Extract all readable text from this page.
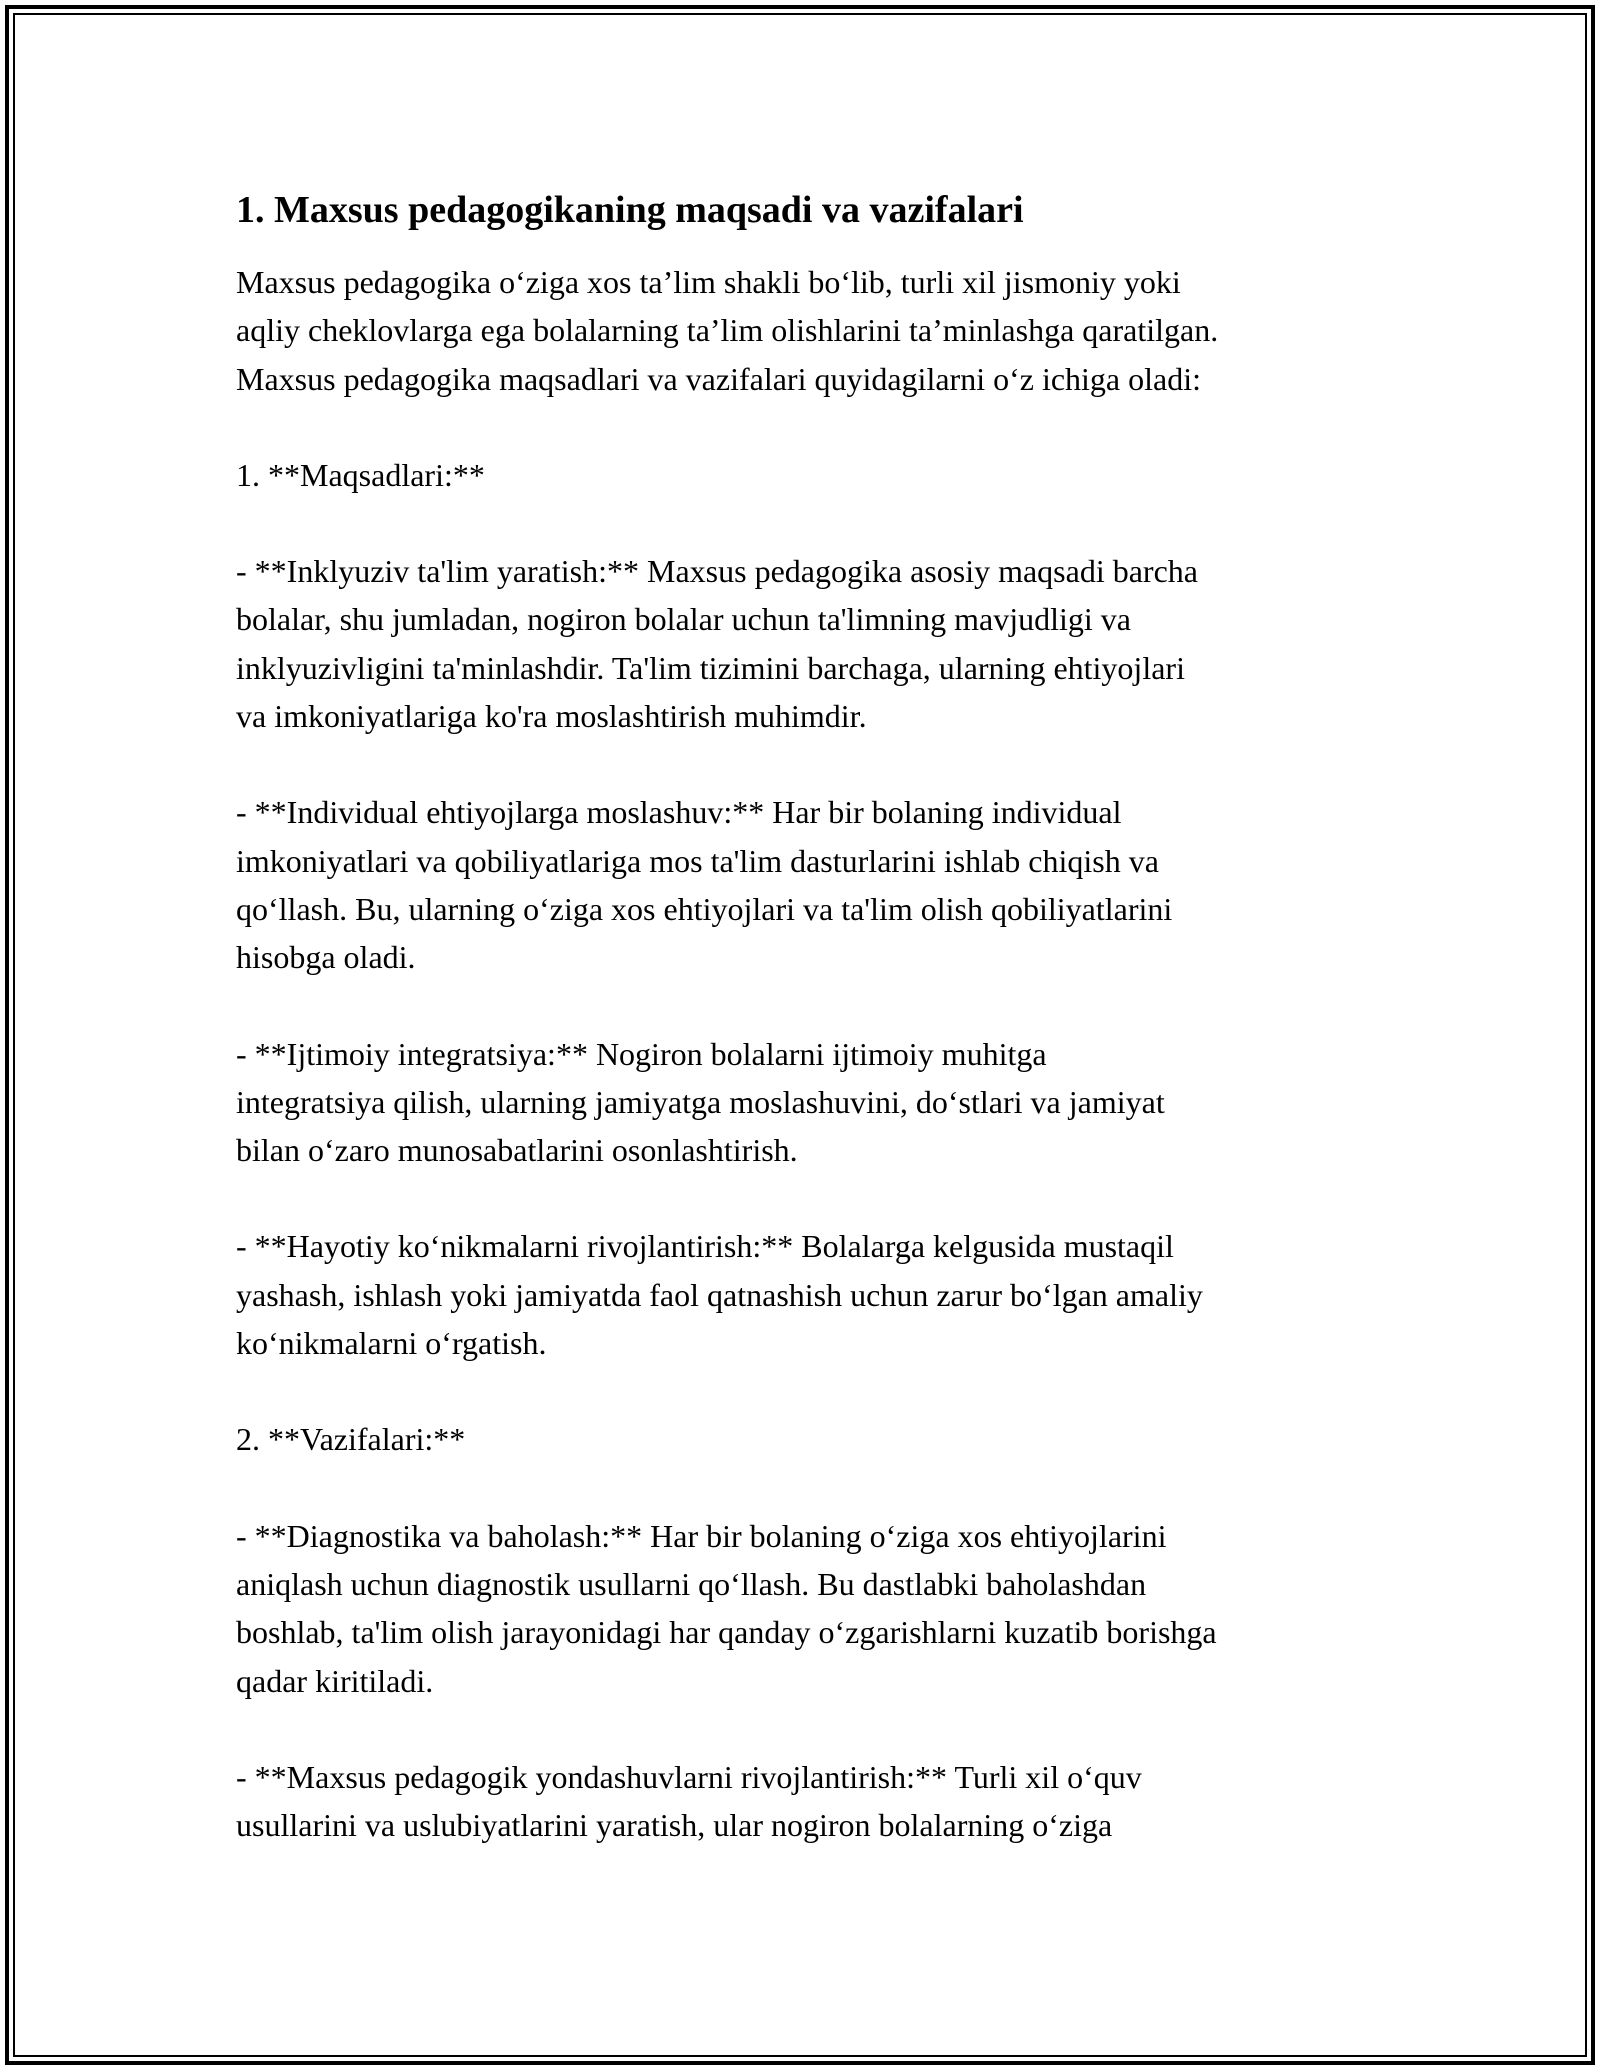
1. Maxsus pedagogikaning maqsadi va vazifalari

Maxsus pedagogika o‘ziga xos ta’lim shakli bo‘lib, turli xil jismoniy yoki
aqliy cheklovlarga ega bolalarning ta’lim olishlarini ta’minlashga qaratilgan.
Maxsus pedagogika maqsadlari va vazifalari quyidagilarni o‘z ichiga oladi:

1. **Maqsadlari:**

- **Inklyuziv ta'lim yaratish:** Maxsus pedagogika asosiy maqsadi barcha
bolalar, shu jumladan, nogiron bolalar uchun ta'limning mavjudligi va
inklyuzivligini ta'minlashdir. Ta'lim tizimini barchaga, ularning ehtiyojlari
va imkoniyatlariga ko'ra moslashtirish muhimdir.

- **Individual ehtiyojlarga moslashuv:** Har bir bolaning individual
imkoniyatlari va qobiliyatlariga mos ta'lim dasturlarini ishlab chiqish va
qo‘llash. Bu, ularning o‘ziga xos ehtiyojlari va ta'lim olish qobiliyatlarini
hisobga oladi.

- **Ijtimoiy integratsiya:** Nogiron bolalarni ijtimoiy muhitga
integratsiya qilish, ularning jamiyatga moslashuvini, do‘stlari va jamiyat
bilan o‘zaro munosabatlarini osonlashtirish.

- **Hayotiy ko‘nikmalarni rivojlantirish:** Bolalarga kelgusida mustaqil
yashash, ishlash yoki jamiyatda faol qatnashish uchun zarur bo‘lgan amaliy
ko‘nikmalarni o‘rgatish.

2. **Vazifalari:**

- **Diagnostika va baholash:** Har bir bolaning o‘ziga xos ehtiyojlarini
aniqlash uchun diagnostik usullarni qo‘llash. Bu dastlabki baholashdan
boshlab, ta'lim olish jarayonidagi har qanday o‘zgarishlarni kuzatib borishga
qadar kiritiladi.

- **Maxsus pedagogik yondashuvlarni rivojlantirish:** Turli xil o‘quv
usullarini va uslubiyatlarini yaratish, ular nogiron bolalarning o‘ziga
